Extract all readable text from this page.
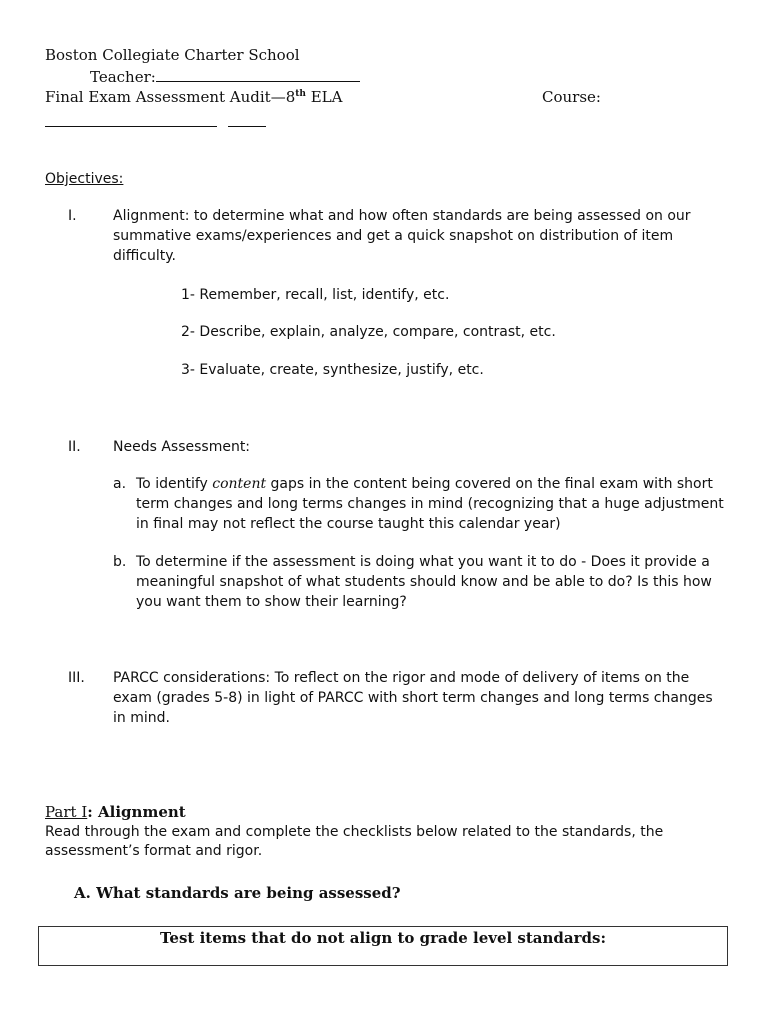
Boston Collegiate Charter School
Teacher:
Final Exam Assessment Audit—8th ELA	Course:

Objectives:
I.	Alignment: to determine what and how often standards are being assessed on our summative exams/experiences and get a quick snapshot on distribution of item difficulty.
1- Remember, recall, list, identify, etc.
2- Describe, explain, analyze, compare, contrast, etc.
3- Evaluate, create, synthesize, justify, etc.
II. Needs Assessment:
a. To identify content gaps in the content being covered on the final exam with short term changes and long terms changes in mind (recognizing that a huge adjustment in final may not reflect the course taught this calendar year)
b. To determine if the assessment is doing what you want it to do - Does it provide a meaningful snapshot of what students should know and be able to do? Is this how you want them to show their learning?
III. PARCC considerations: To reflect on the rigor and mode of delivery of items on the exam (grades 5-8) in light of PARCC with short term changes and long terms changes in mind.
Part I: Alignment
Read through the exam and complete the checklists below related to the standards, the assessment’s format and rigor.
A. What standards are being assessed?
Test items that do not align to grade level standards:
